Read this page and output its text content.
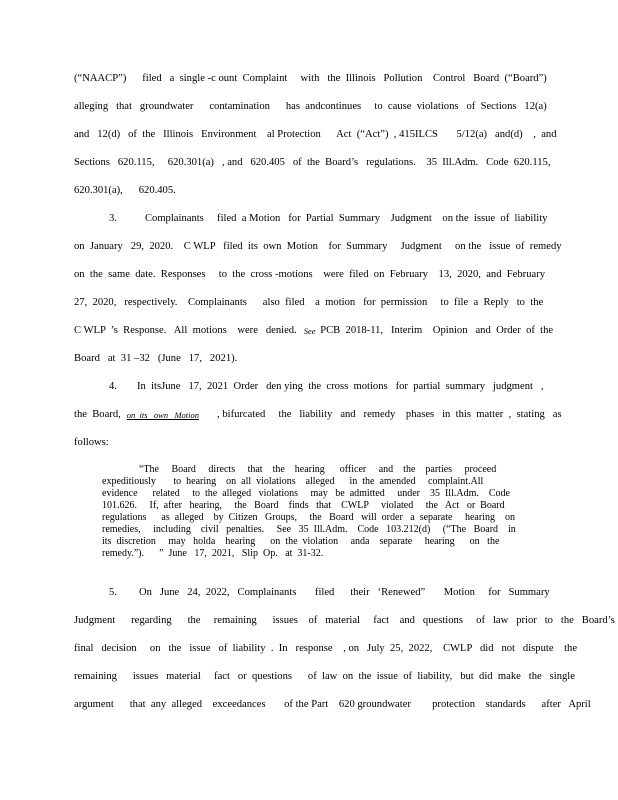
(“NAACP”)      filed   a  single -c ount  Complaint     with   the  Illinois   Pollution    Control   Board  (“Board”)
alleging   that   groundwater      contamination      has  andcontinues     to  cause  violations   of  Sections   12(a)
and   12(d)   of  the   Illinois   Environment    al Protection      Act  (“Act”)  , 415ILCS       5/12(a)   and(d)    ,  and
Sections   620.115,     620.301(a)   , and   620.405   of  the  Board’s   regulations.    35  Ill.Adm.   Code  620.115,
620.301(a),      620.405.
3.	Complainants     filed  a Motion   for  Partial  Summary    Judgment    on the  issue  of  liability
on  January   29,  2020.    C WLP   filed  its  own  Motion    for  Summary     Judgment     on the   issue  of  remedy
on  the  same  date.  Responses     to  the  cross -motions    were  filed  on  February    13,  2020,  and  February
27,  2020,   respectively.    Complainants      also  filed    a  motion   for  permission     to  file  a  Reply   to  the
C WLP  ’s  Response.   All  motions    were   denied. See PCB  2018-11,   Interim    Opinion   and  Order  of  the
Board   at  31 –32   (June   17,   2021).
4. In  itsJune   17,  2021  Order   den ying  the  cross  motions   for  partial  summary   judgment   ,
the  Board, on  its   own   Motion	, bifurcated     the   liability   and   remedy    phases   in  this  matter  ,  stating   as
follows:
“The     Board     directs     that    the    hearing      officer     and    the    parties     proceed
expeditiously       to  hearing    on  all  violations    alleged      in  the  amended     complaint.All
evidence      related     to  the  alleged   violations     may   be  admitted     under    35  Ill.Adm.    Code
101.626.     If,  after   hearing,     the   Board    finds   that    CWLP     violated     the   Act   or  Board
regulations      as  alleged    by  Citizen   Groups,     the   Board   will  order   a  separate     hearing    on
remedies,     including    civil   penalties.     See   35  Ill.Adm.    Code   103.212(d)     (“The   Board    in
its  discretion     may   holda    hearing      on  the  violation     anda    separate     hearing      on   the
remedy.”).      ”  June   17,  2021,   Slip  Op.   at  31-32.
5. On   June   24,  2022,   Complainants       filed      their   ‘Renewed”       Motion     for   Summary
Judgment      regarding      the     remaining      issues    of   material     fact    and   questions     of   law   prior   to   the   Board’s
final   decision     on   the   issue   of  liability  .  In   response    , on   July  25,  2022,    CWLP   did   not   dispute    the
remaining      issues   material     fact   or  questions      of  law  on  the  issue  of  liability,   but  did  make   the   single
argument      that  any  alleged    exceedances       of the Part    620 groundwater        protection    standards      after   April
